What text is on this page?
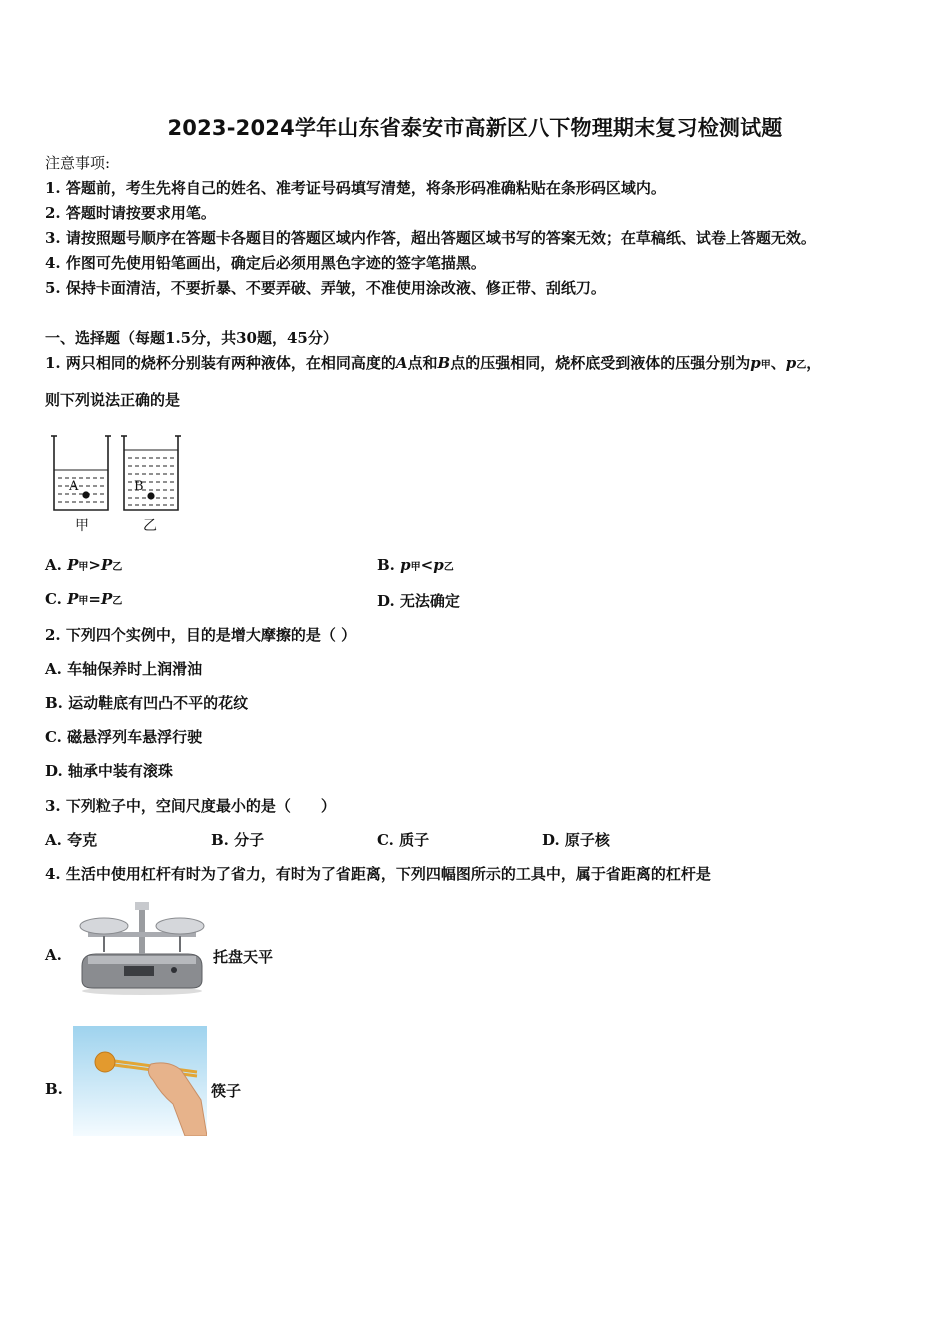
2023-2024学年山东省泰安市高新区八下物理期末复习检测试题
注意事项:
1. 答题前，考生先将自己的姓名、准考证号码填写清楚，将条形码准确粘贴在条形码区域内。
2. 答题时请按要求用笔。
3. 请按照题号顺序在答题卡各题目的答题区域内作答，超出答题区域书写的答案无效；在草稿纸、试卷上答题无效。
4. 作图可先使用铅笔画出，确定后必须用黑色字迹的签字笔描黑。
5. 保持卡面清洁，不要折暴、不要弄破、弄皱，不准使用涂改液、修正带、刮纸刀。
一、选择题（每题1.5分，共30题，45分）
1. 两只相同的烧杯分别装有两种液体，在相同高度的A点和B点的压强相同，烧杯底受到液体的压强分别为p甲、p乙，
则下列说法正确的是
A
甲
B
乙
A. P甲>P乙	B. p甲<p乙
C. P甲=P乙	D. 无法确定
2. 下列四个实例中，目的是增大摩擦的是（ ）
A. 车轴保养时上润滑油
B. 运动鞋底有凹凸不平的花纹
C. 磁悬浮列车悬浮行驶
D. 轴承中装有滚珠
3. 下列粒子中，空间尺度最小的是（　　）
A. 夸克	B. 分子	C. 质子	D. 原子核
4. 生活中使用杠杆有时为了省力，有时为了省距离，下列四幅图所示的工具中，属于省距离的杠杆是
A.	托盘天平
B.	筷子
